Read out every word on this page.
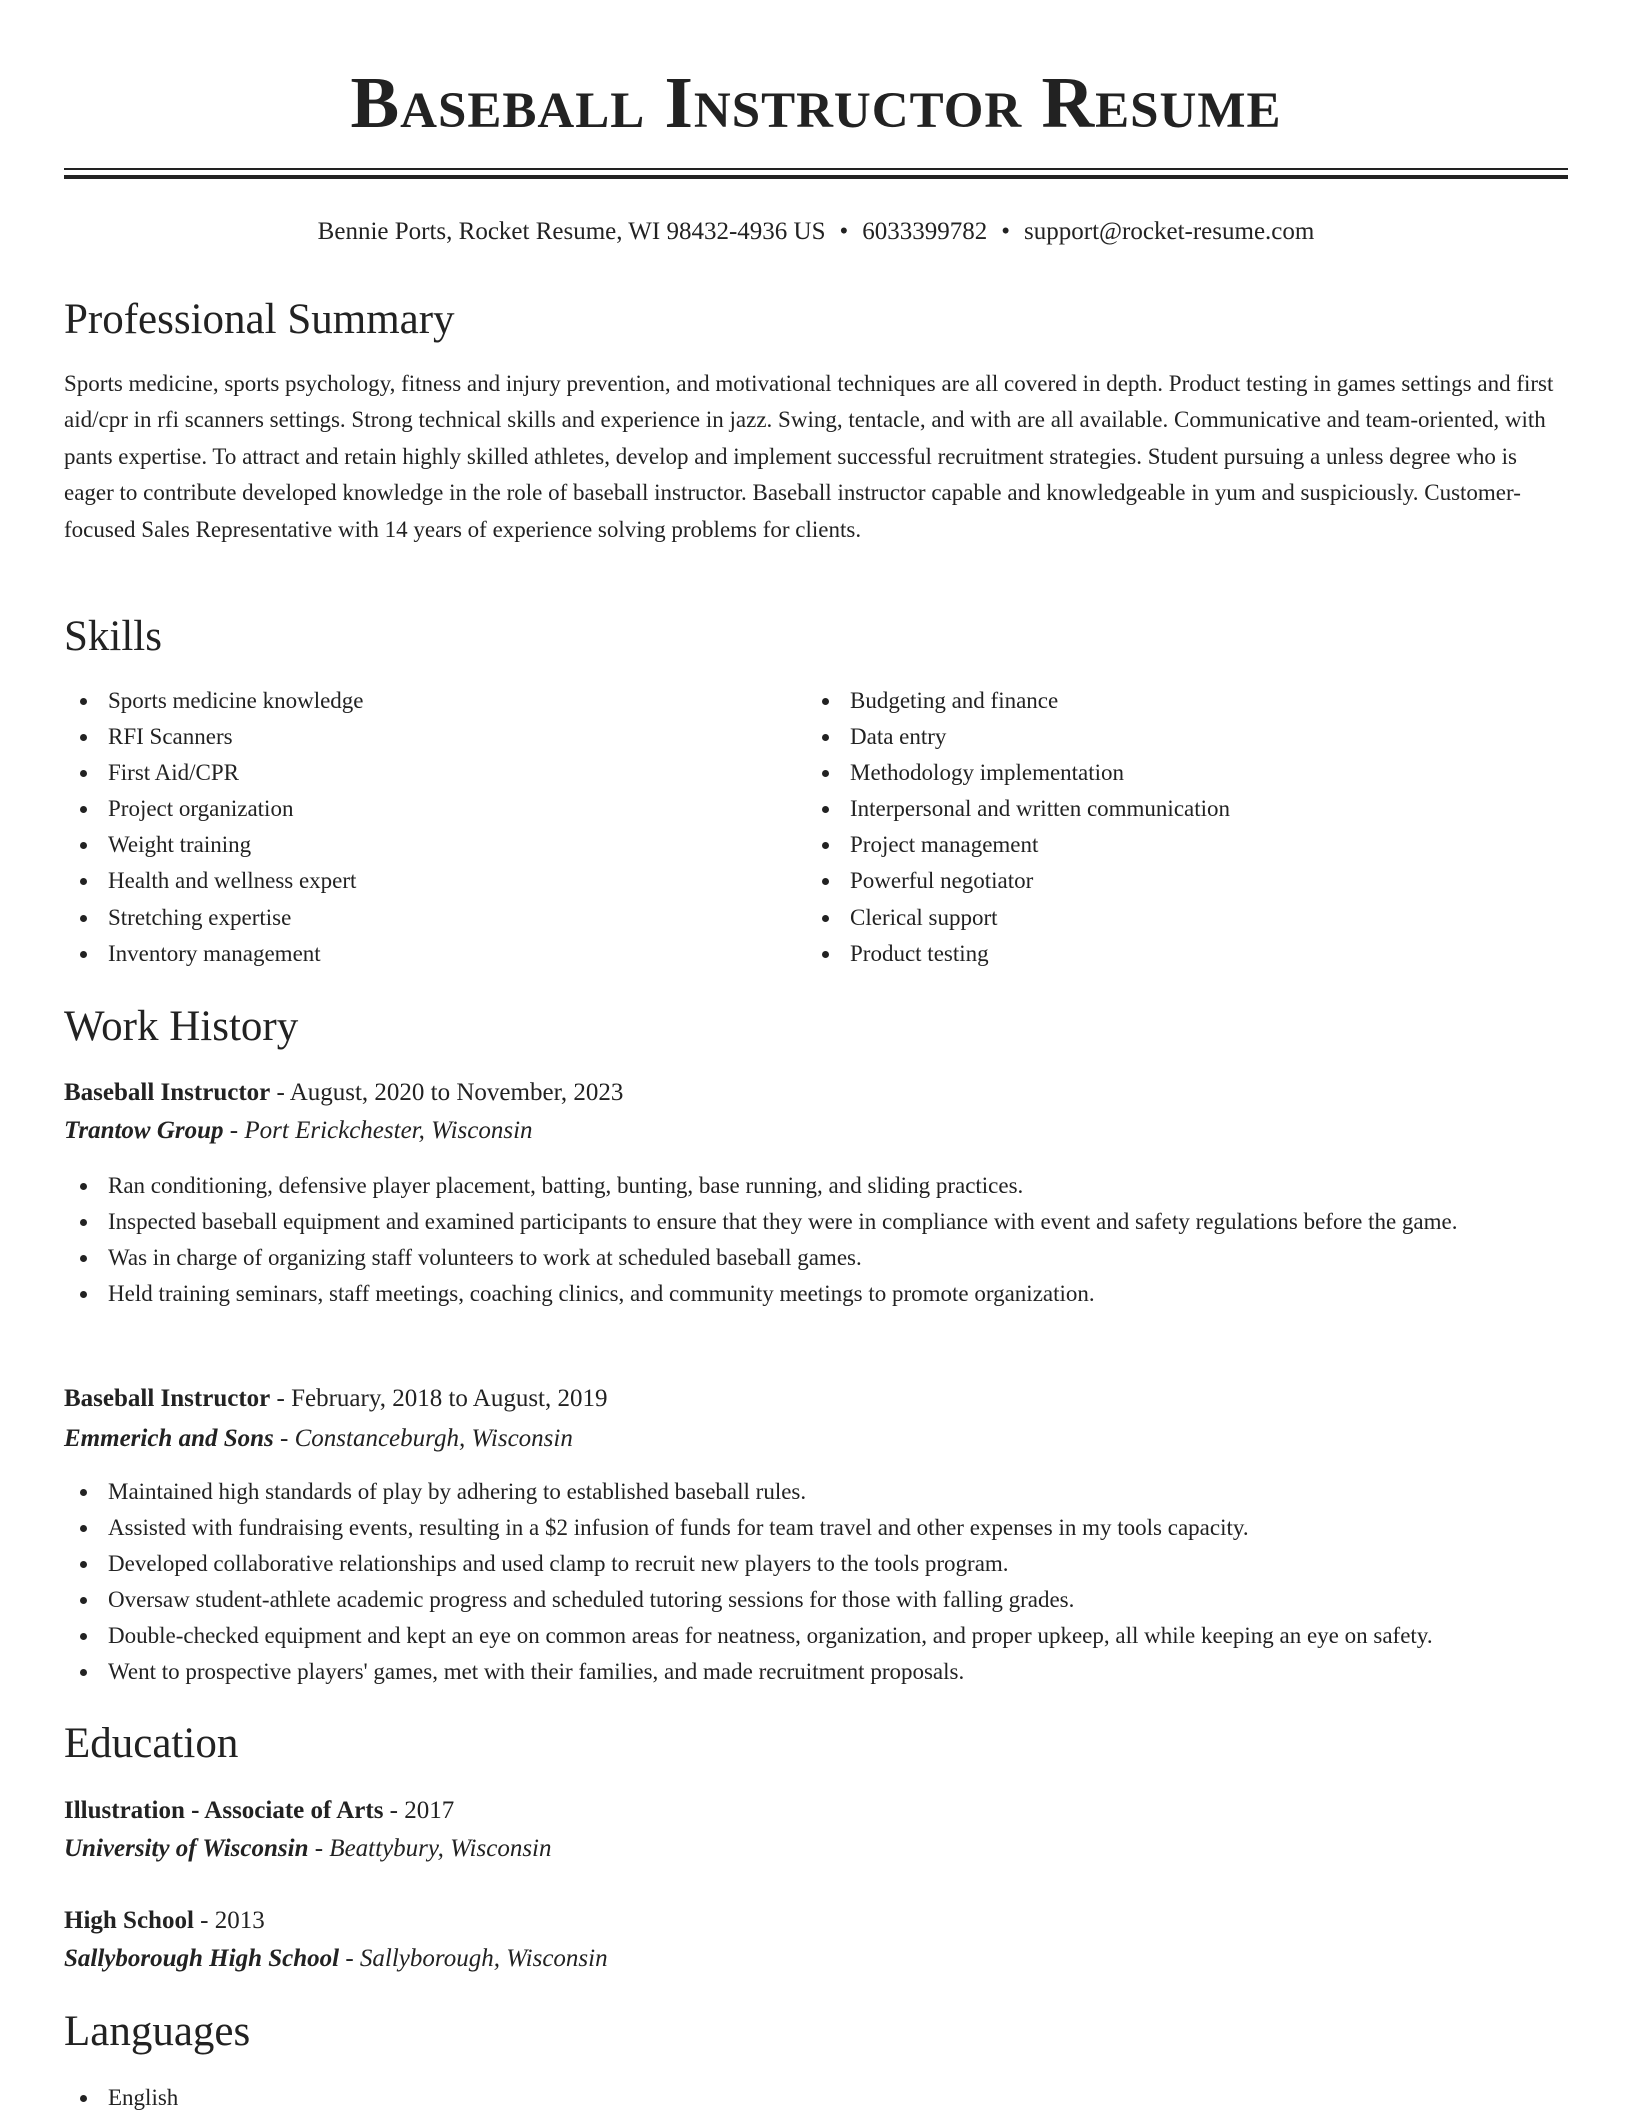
Baseball Instructor Resume
Bennie Ports, Rocket Resume, WI 98432-4936 US • 6033399782 • support@rocket-resume.com
Professional Summary

Sports medicine, sports psychology, fitness and injury prevention, and motivational techniques are all covered in depth. Product testing in games settings and first aid/cpr in rfi scanners settings. Strong technical skills and experience in jazz. Swing, tentacle, and with are all available. Communicative and team-oriented, with pants expertise. To attract and retain highly skilled athletes, develop and implement successful recruitment strategies. Student pursuing a unless degree who is eager to contribute developed knowledge in the role of baseball instructor. Baseball instructor capable and knowledgeable in yum and suspiciously. Customer-focused Sales Representative with 14 years of experience solving problems for clients.

Skills
Sports medicine knowledge
RFI Scanners
First Aid/CPR
Project organization
Weight training
Health and wellness expert
Stretching expertise
Inventory management
Budgeting and finance
Data entry
Methodology implementation
Interpersonal and written communication
Project management
Powerful negotiator
Clerical support
Product testing
Work History
Baseball Instructor - August, 2020 to November, 2023
Trantow Group - Port Erickchester, Wisconsin
Ran conditioning, defensive player placement, batting, bunting, base running, and sliding practices.
Inspected baseball equipment and examined participants to ensure that they were in compliance with event and safety regulations before the game.
Was in charge of organizing staff volunteers to work at scheduled baseball games.
Held training seminars, staff meetings, coaching clinics, and community meetings to promote organization.
Baseball Instructor - February, 2018 to August, 2019
Emmerich and Sons - Constanceburgh, Wisconsin
Maintained high standards of play by adhering to established baseball rules.
Assisted with fundraising events, resulting in a $2 infusion of funds for team travel and other expenses in my tools capacity.
Developed collaborative relationships and used clamp to recruit new players to the tools program.
Oversaw student-athlete academic progress and scheduled tutoring sessions for those with falling grades.
Double-checked equipment and kept an eye on common areas for neatness, organization, and proper upkeep, all while keeping an eye on safety.
Went to prospective players' games, met with their families, and made recruitment proposals.
Education
Illustration - Associate of Arts - 2017
University of Wisconsin - Beattybury, Wisconsin
High School - 2013
Sallyborough High School - Sallyborough, Wisconsin
Languages
English
